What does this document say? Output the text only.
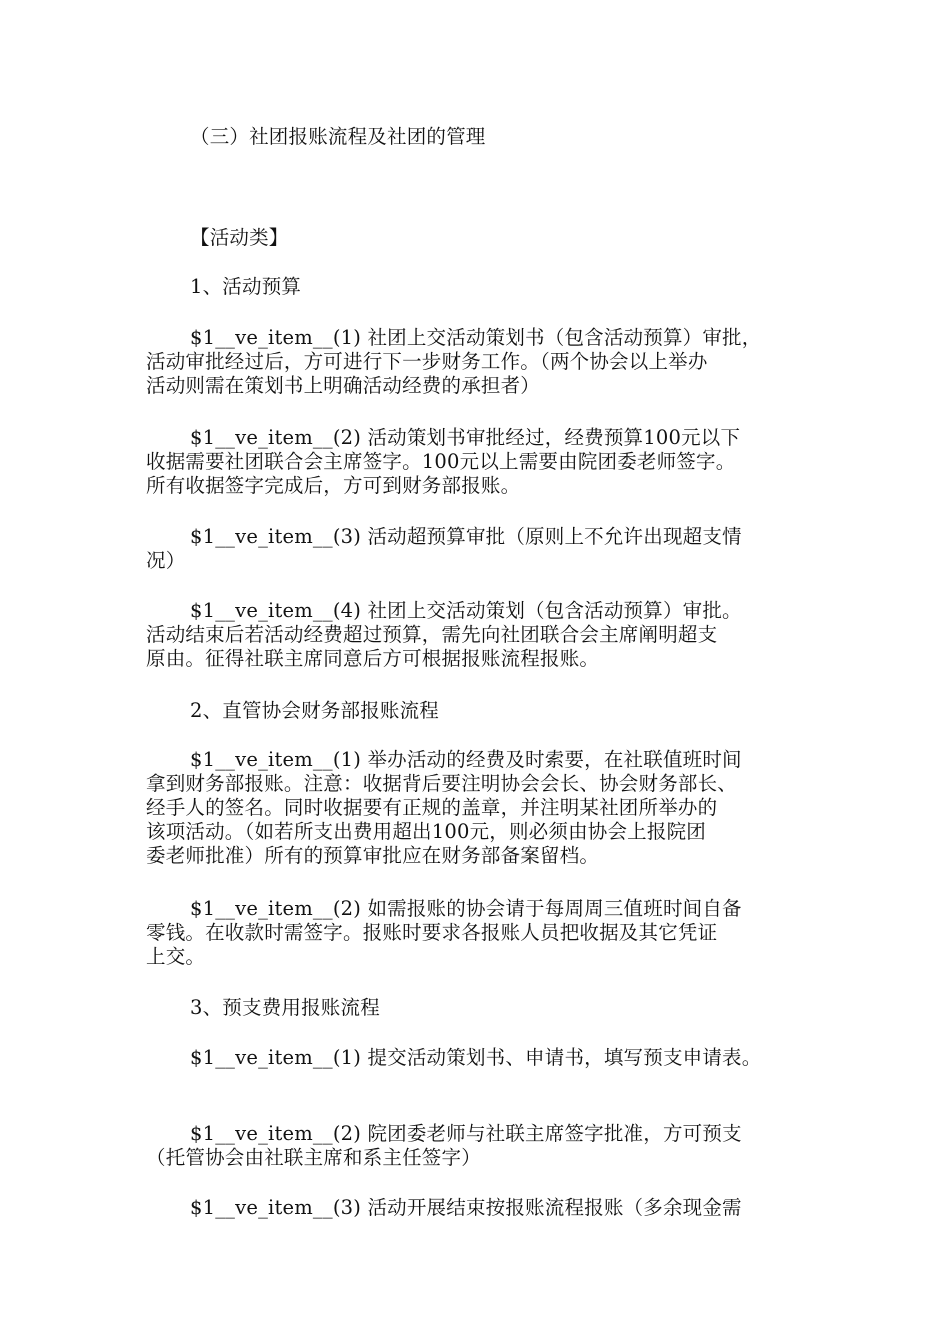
（三）社团报账流程及社团的管理
【活动类】
1、活动预算
$1__ve_item__(1) 社团上交活动策划书（包含活动预算）审批，
活动审批经过后，方可进行下一步财务工作。（两个协会以上举办
活动则需在策划书上明确活动经费的承担者）
$1__ve_item__(2) 活动策划书审批经过，经费预算100元以下
收据需要社团联合会主席签字。100元以上需要由院团委老师签字。
所有收据签字完成后，方可到财务部报账。
$1__ve_item__(3) 活动超预算审批（原则上不允许出现超支情
况）
$1__ve_item__(4) 社团上交活动策划（包含活动预算）审批。
活动结束后若活动经费超过预算，需先向社团联合会主席阐明超支
原由。征得社联主席同意后方可根据报账流程报账。
2、直管协会财务部报账流程
$1__ve_item__(1) 举办活动的经费及时索要，在社联值班时间
拿到财务部报账。注意：收据背后要注明协会会长、协会财务部长、
经手人的签名。同时收据要有正规的盖章，并注明某社团所举办的
该项活动。（如若所支出费用超出100元，则必须由协会上报院团
委老师批准）所有的预算审批应在财务部备案留档。
$1__ve_item__(2) 如需报账的协会请于每周周三值班时间自备
零钱。在收款时需签字。报账时要求各报账人员把收据及其它凭证
上交。
3、预支费用报账流程
$1__ve_item__(1) 提交活动策划书、申请书，填写预支申请表。
$1__ve_item__(2) 院团委老师与社联主席签字批准，方可预支
（托管协会由社联主席和系主任签字）
$1__ve_item__(3) 活动开展结束按报账流程报账（多余现金需
